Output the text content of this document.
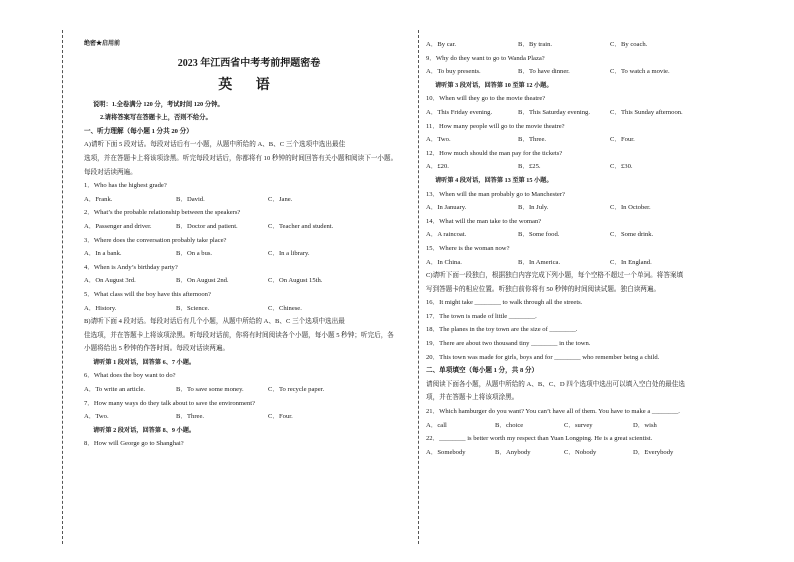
绝密★启用前
2023 年江西省中考考前押题密卷
英 语
说明：1.全卷满分 120 分，考试时间 120 分钟。
2.请将答案写在答题卡上，否则不给分。
一、听力理解（每小题 1 分共 20 分）
A)请听下面 5 段对话。每段对话后有一小题，从题中所给的 A、B、C 三个选项中选出最佳
选项，并在答题卡上将该项涂黑。听完每段对话后，你都将有 10 秒钟的时间回答有关小题和阅读下一小题。
每段对话读两遍。
1．Who has the highest grade?
A．Frank.	B．David.	C．Jane.
2．What’s the probable relationship between the speakers?
A．Passenger and driver.	B．Doctor and patient.	C．Teacher and student.
3．Where does the conversation probably take place?
A．In a bank.	B．On a bus.	C．In a library.
4．When is Andy’s birthday party?
A．On August 3rd.	B．On August 2nd.	C．On August 15th.
5．What class will the boy have this afternoon?
A．History.	B．Science.	C．Chinese.
B)请听下面 4 段对话。每段对话后有几个小题，从题中所给的 A、B、C 三个选项中选出最
佳选项，并在答题卡上将该项涂黑。听每段对话前，你将有时间阅读各个小题，每小题 5 秒钟；听完后，各
小题将给出 5 秒钟的作答时间。每段对话读两遍。
请听第 1 段对话，回答第 6、7 小题。
6．What does the boy want to do?
A．To write an article.	B．To save some money.	C．To recycle paper.
7．How many ways do they talk about to save the environment?
A．Two.	B．Three.	C．Four.
请听第 2 段对话，回答第 8、9 小题。
8．How will George go to Shanghai?
A．By car.	B．By train.	C．By coach.
9．Why do they want to go to Wanda Plaza?
A．To buy presents.	B．To have dinner.	C．To watch a movie.
请听第 3 段对话，回答第 10 至第 12 小题。
10．When will they go to the movie theatre?
A．This Friday evening.	B．This Saturday evening.	C．This Sunday afternoon.
11．How many people will go to the movie theatre?
A．Two.	B．Three.	C．Four.
12．How much should the man pay for the tickets?
A．£20.	B．£25.	C．£30.
请听第 4 段对话，回答第 13 至第 15 小题。
13．When will the man probably go to Manchester?
A．In January.	B．In July.	C．In October.
14．What will the man take to the woman?
A．A raincoat.	B．Some food.	C．Some drink.
15．Where is the woman now?
A．In China.	B．In America.	C．In England.
C)请听下面一段独白，根据独白内容完成下列小题，每个空格不超过一个单词。将答案填
写到答题卡的相应位置。听独白前你将有 50 秒钟的时间阅读试题。独白读两遍。
16．It might take ________ to walk through all the streets.
17．The town is made of little ________.
18．The planes in the toy town are the size of ________.
19．There are about two thousand tiny ________ in the town.
20．This town was made for girls, boys and for ________ who remember being a child.
二、单项填空（每小题 1 分，共 8 分）
请阅读下面各小题，从题中所给的 A、B、C、D 四个选项中选出可以填入空白处的最佳选
项，并在答题卡上将该项涂黑。
21．Which hamburger do you want? You can’t have all of them. You have to make a ________.
A．call	B．choice	C．survey	D．wish
22．________ is better worth my respect than Yuan Longping. He is a great scientist.
A．Somebody	B．Anybody	C．Nobody	D．Everybody
